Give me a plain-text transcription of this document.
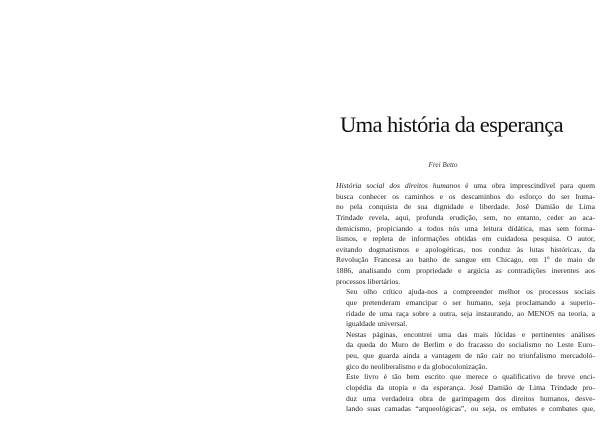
Uma história da esperança
Frei Betto
História social dos direitos humanos é uma obra imprescindível para quem
busca conhecer os caminhos e os descaminhos do esforço do ser huma-
no pela conquista de sua dignidade e liberdade. José Damião de Lima
Trindade revela, aqui, profunda erudição, sem, no entanto, ceder ao aca-
demicismo, propiciando a todos nós uma leitura didática, mas sem forma-
lismos, e repleta de informações obtidas em cuidadosa pesquisa. O autor,
evitando dogmatismos e apologéticas, nos conduz às lutas históricas, da
Revolução Francesa ao banho de sangue em Chicago, em 1º de maio de
1886, analisando com propriedade e argúcia as contradições inerentes aos
processos libertários.
Seu olho crítico ajuda-nos a compreender melhor os processos sociais
que pretenderam emancipar o ser humano, seja proclamando a superio-
ridade de uma raça sobre a outra, seja instaurando, ao MENOS na teoria, a
igualdade universal.
Nestas páginas, encontrei uma das mais lúcidas e pertinentes análises
da queda do Muro de Berlim e do fracasso do socialismo no Leste Euro-
peu, que guarda ainda a vantagem de não cair no triunfalismo mercadoló-
gico do neoliberalismo e da globocolonização.
Este livro é tão bem escrito que merece o qualificativo de breve enci-
clopédia da utopia e da esperança. José Damião de Lima Trindade pro-
duz uma verdadeira obra de garimpagem dos direitos humanos, desve-
lando suas camadas “arqueológicas”, ou seja, os embates e combates que,
